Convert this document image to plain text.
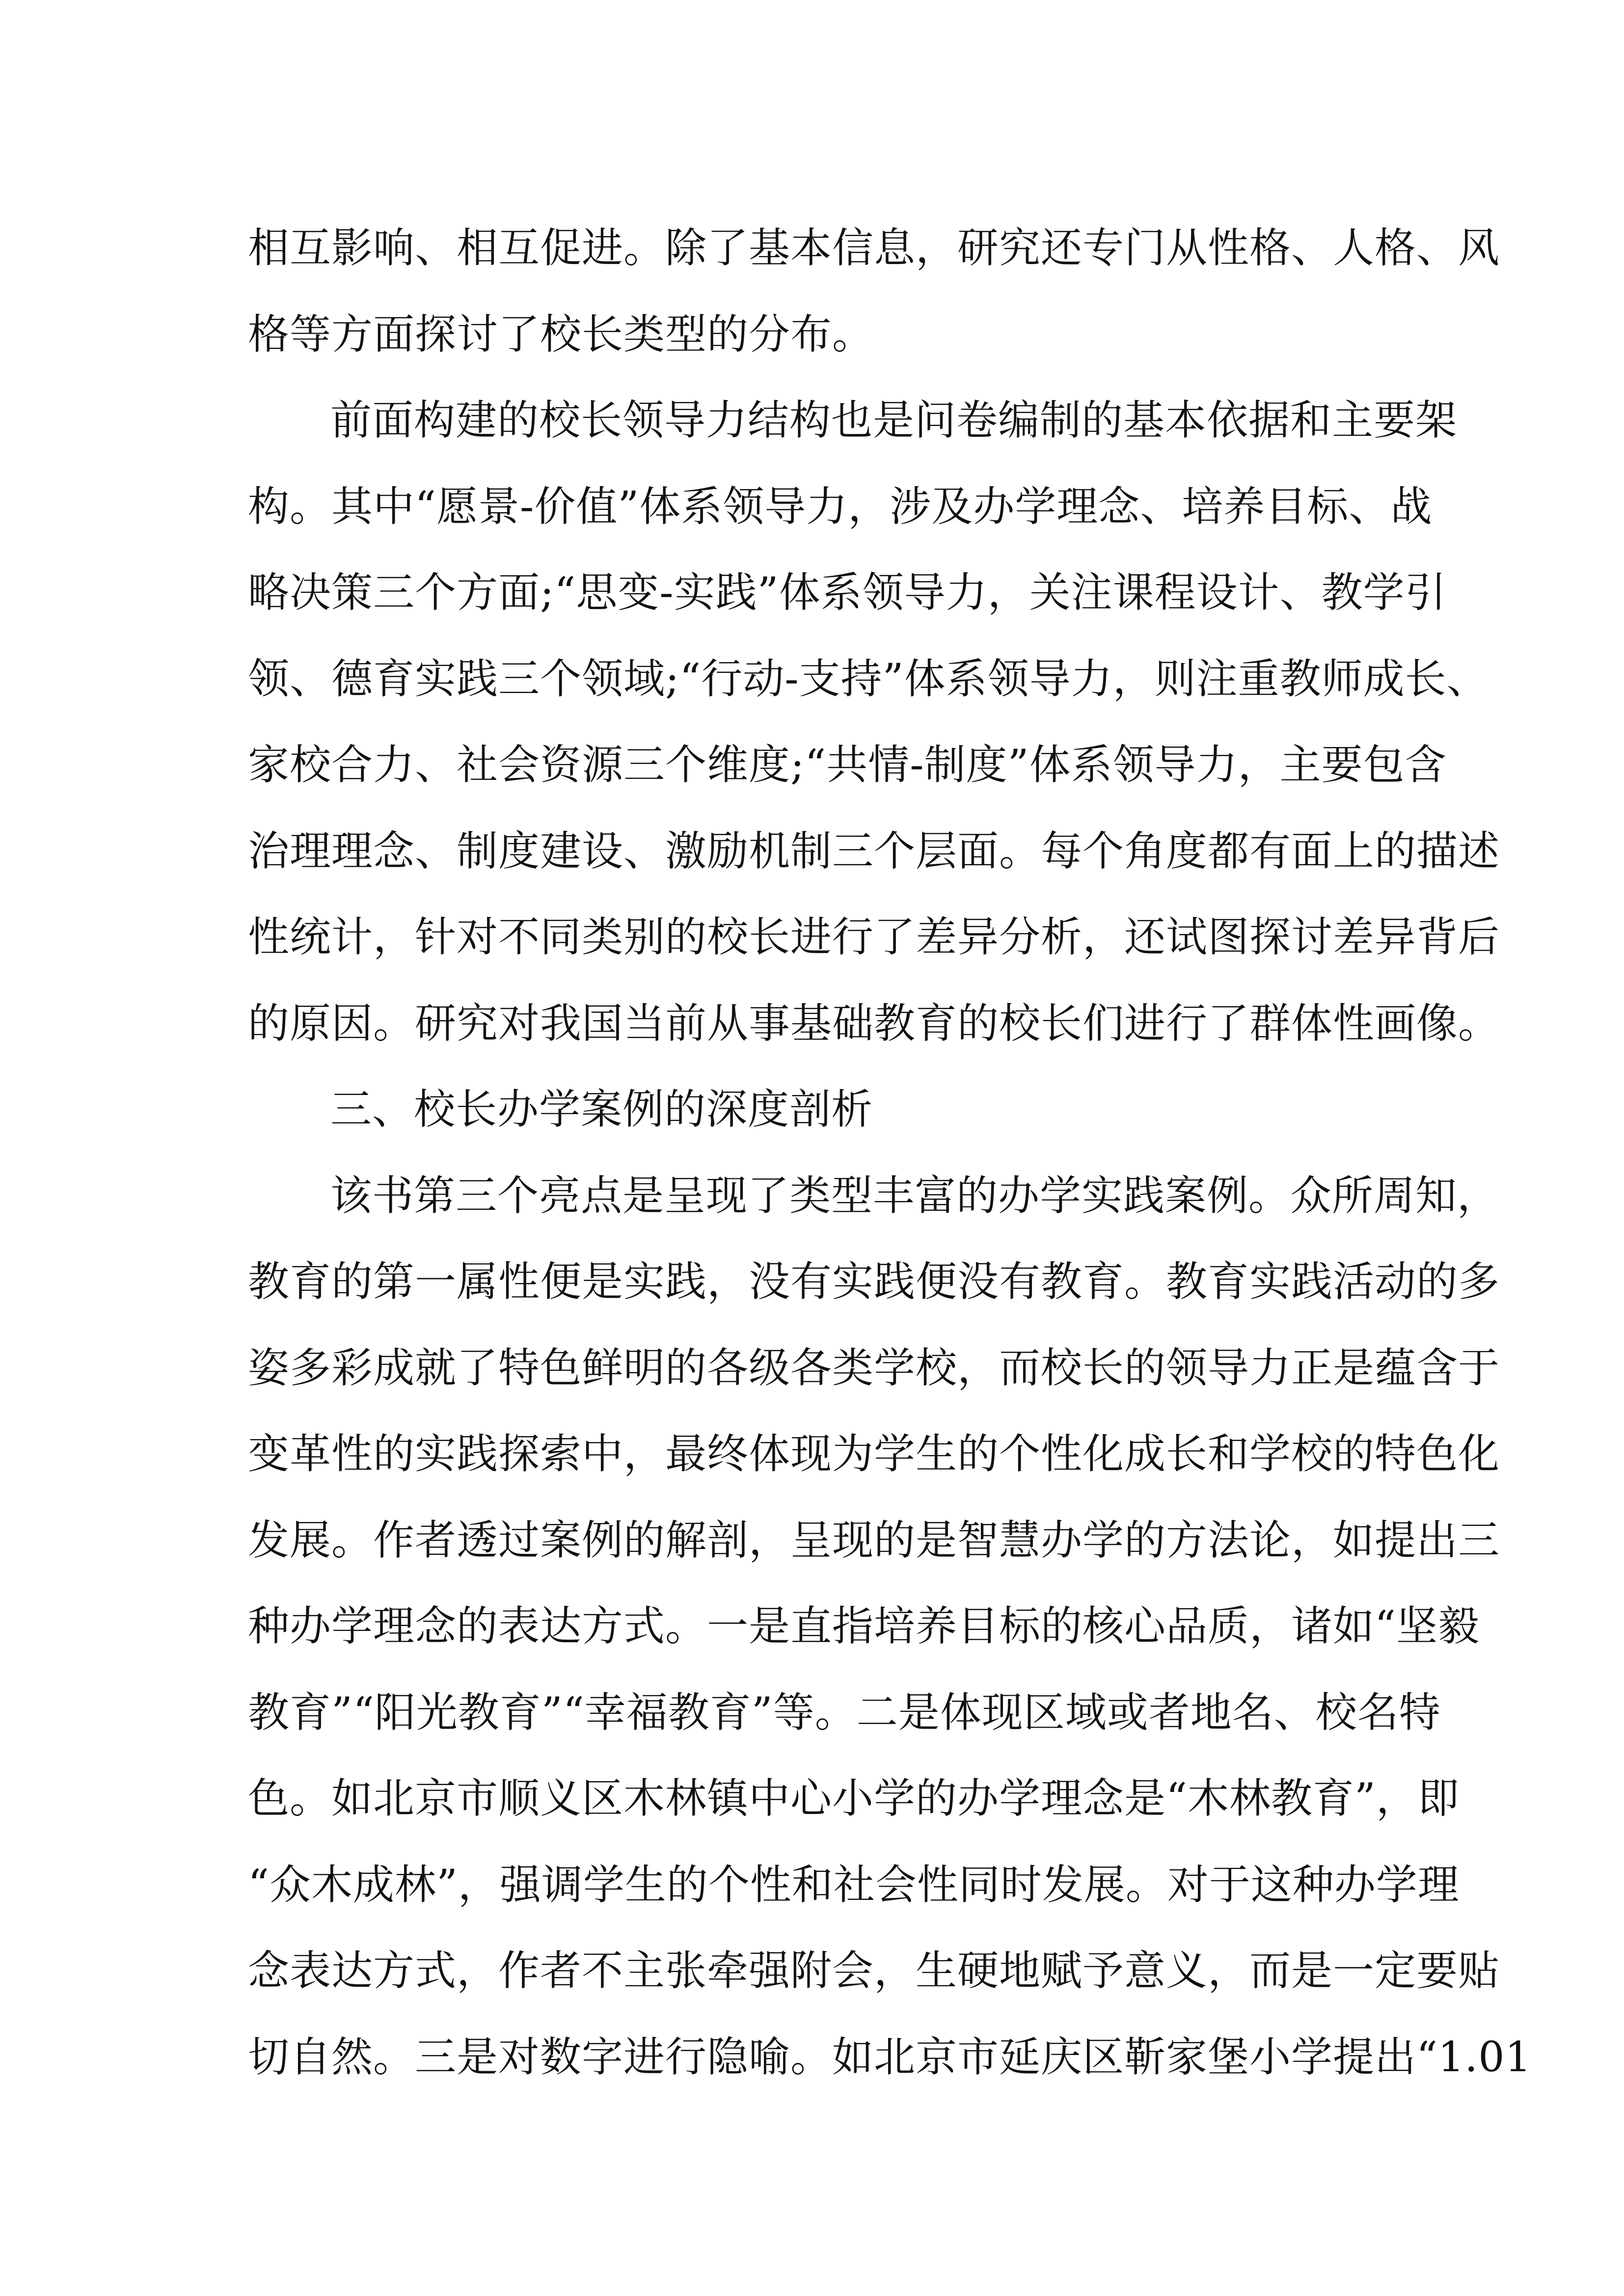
相互影响、相互促进。除了基本信息，研究还专门从性格、人格、风
格等方面探讨了校长类型的分布。
前面构建的校长领导力结构也是问卷编制的基本依据和主要架
构。其中“愿景-价值”体系领导力，涉及办学理念、培养目标、战
略决策三个方面;“思变-实践”体系领导力，关注课程设计、教学引
领、德育实践三个领域;“行动-支持”体系领导力，则注重教师成长、
家校合力、社会资源三个维度;“共情-制度”体系领导力，主要包含
治理理念、制度建设、激励机制三个层面。每个角度都有面上的描述
性统计，针对不同类别的校长进行了差异分析，还试图探讨差异背后
的原因。研究对我国当前从事基础教育的校长们进行了群体性画像。
三、校长办学案例的深度剖析
该书第三个亮点是呈现了类型丰富的办学实践案例。众所周知，
教育的第一属性便是实践，没有实践便没有教育。教育实践活动的多
姿多彩成就了特色鲜明的各级各类学校，而校长的领导力正是蕴含于
变革性的实践探索中，最终体现为学生的个性化成长和学校的特色化
发展。作者透过案例的解剖，呈现的是智慧办学的方法论，如提出三
种办学理念的表达方式。一是直指培养目标的核心品质，诸如“坚毅
教育”“阳光教育”“幸福教育”等。二是体现区域或者地名、校名特
色。如北京市顺义区木林镇中心小学的办学理念是“木林教育”，即
“众木成林”，强调学生的个性和社会性同时发展。对于这种办学理
念表达方式，作者不主张牵强附会，生硬地赋予意义，而是一定要贴
切自然。三是对数字进行隐喻。如北京市延庆区靳家堡小学提出“1.01
